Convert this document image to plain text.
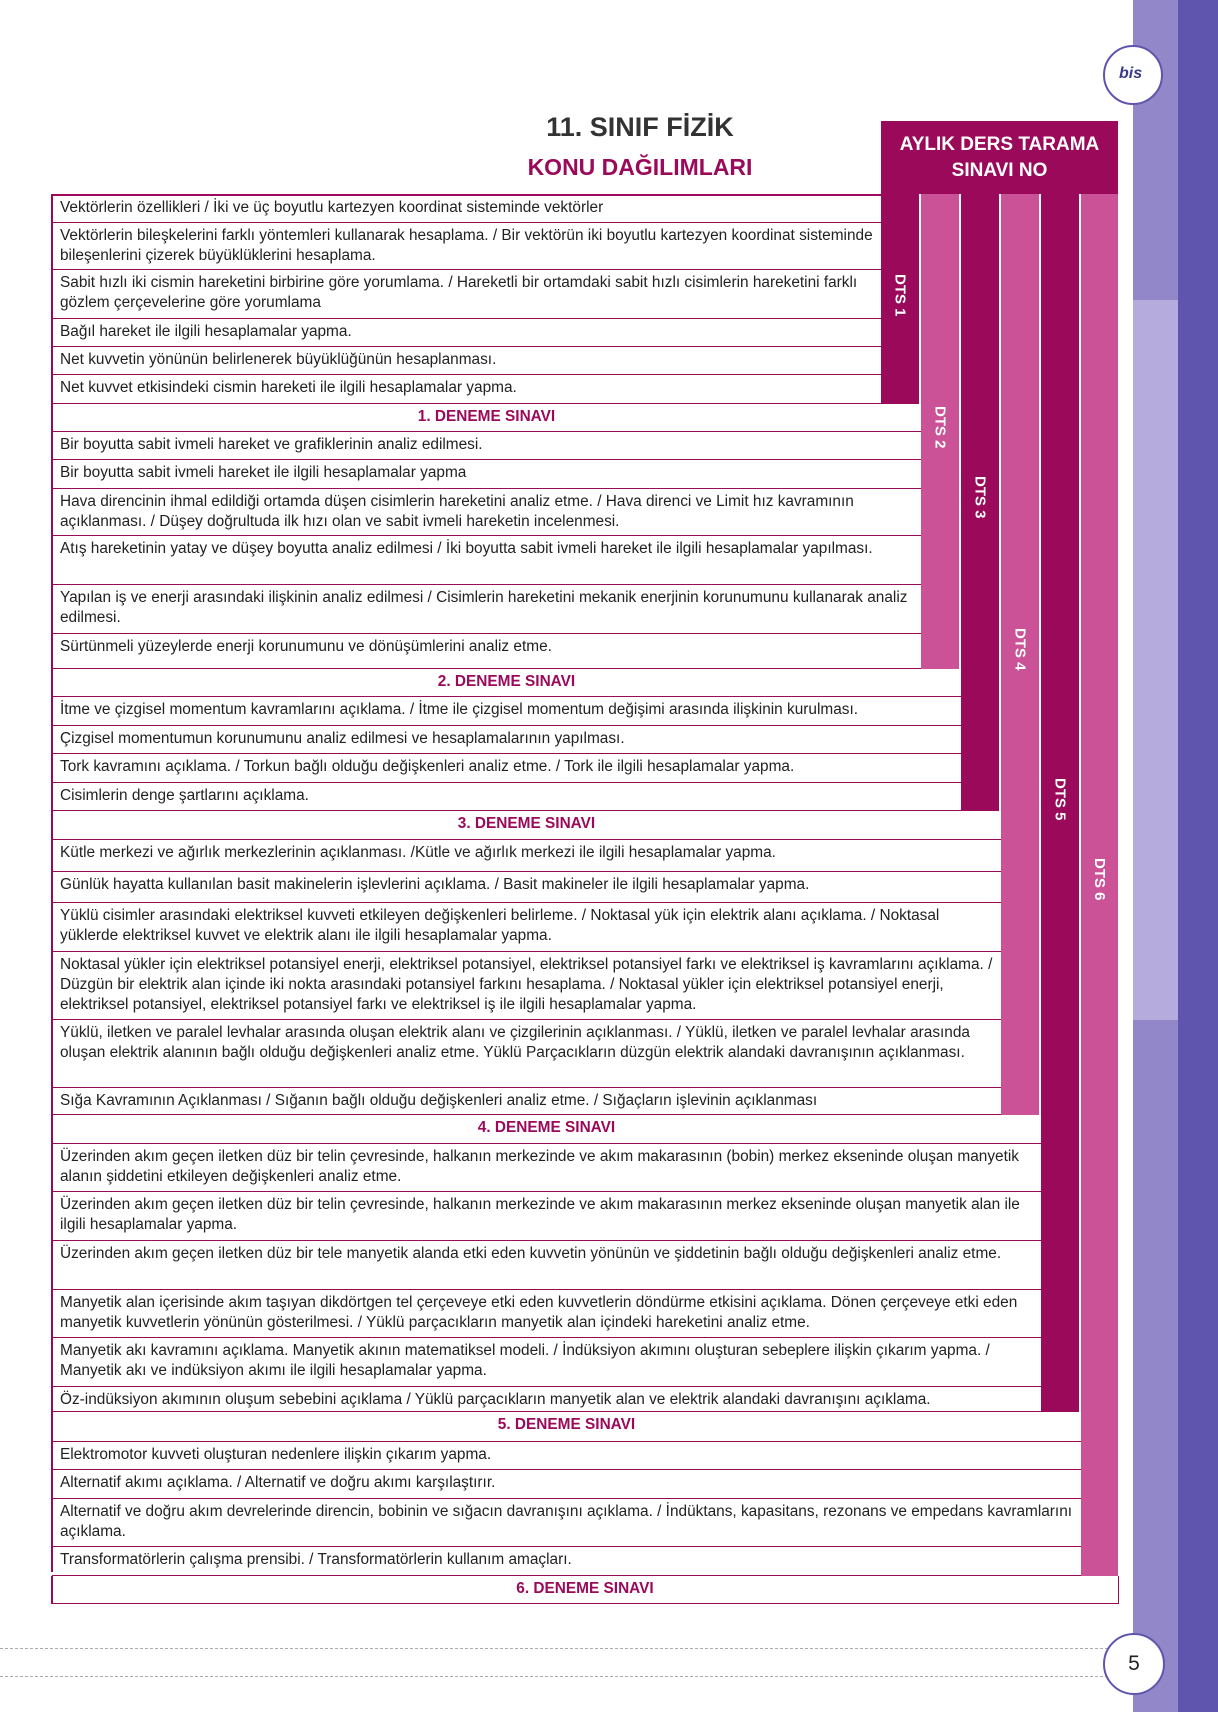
bis
11. SINIF FİZİK
KONU DAĞILIMLARI
AYLIK DERS TARAMA
SINAVI NO
DTS 1
DTS 2
DTS 3
DTS 4
DTS 5
DTS 6
Vektörlerin özellikleri / İki ve üç boyutlu kartezyen koordinat sisteminde vektörler
Vektörlerin bileşkelerini farklı yöntemleri kullanarak hesaplama. / Bir vektörün iki boyutlu kartezyen koordinat sisteminde bileşenlerini çizerek büyüklüklerini hesaplama.
Sabit hızlı iki cismin hareketini birbirine göre yorumlama. / Hareketli bir ortamdaki sabit hızlı cisimlerin hareketini farklı gözlem çerçevelerine göre yorumlama
Bağıl hareket ile ilgili hesaplamalar yapma.
Net kuvvetin yönünün belirlenerek büyüklüğünün hesaplanması.
Net kuvvet etkisindeki cismin hareketi ile ilgili hesaplamalar yapma.
1. DENEME SINAVI
Bir boyutta sabit ivmeli hareket ve grafiklerinin analiz edilmesi.
Bir boyutta sabit ivmeli hareket ile ilgili hesaplamalar yapma
Hava direncinin ihmal edildiği ortamda düşen cisimlerin hareketini analiz etme. / Hava direnci ve Limit hız kavramının açıklanması. / Düşey doğrultuda ilk hızı olan ve sabit ivmeli hareketin incelenmesi.
Atış hareketinin yatay ve düşey boyutta analiz edilmesi / İki boyutta sabit ivmeli hareket ile ilgili hesaplamalar yapılması.
Yapılan iş ve enerji arasındaki ilişkinin analiz edilmesi / Cisimlerin hareketini mekanik enerjinin korunumunu kullanarak analiz edilmesi.
Sürtünmeli yüzeylerde enerji korunumunu ve dönüşümlerini analiz etme.
2. DENEME SINAVI
İtme ve çizgisel momentum kavramlarını açıklama. / İtme ile çizgisel momentum değişimi arasında ilişkinin kurulması.
Çizgisel momentumun korunumunu analiz edilmesi ve hesaplamalarının yapılması.
Tork kavramını açıklama. / Torkun bağlı olduğu değişkenleri analiz etme. / Tork ile ilgili hesaplamalar yapma.
Cisimlerin denge şartlarını açıklama.
3. DENEME SINAVI
Kütle merkezi ve ağırlık merkezlerinin açıklanması. /Kütle ve ağırlık merkezi ile ilgili hesaplamalar yapma.
Günlük hayatta kullanılan basit makinelerin işlevlerini açıklama. / Basit makineler ile ilgili hesaplamalar yapma.
Yüklü cisimler arasındaki elektriksel kuvveti etkileyen değişkenleri belirleme. / Noktasal yük için elektrik alanı açıklama. / Noktasal yüklerde elektriksel kuvvet ve elektrik alanı ile ilgili hesaplamalar yapma.
Noktasal yükler için elektriksel potansiyel enerji, elektriksel potansiyel, elektriksel potansiyel farkı ve elektriksel iş kavramlarını açıklama. / Düzgün bir elektrik alan içinde iki nokta arasındaki potansiyel farkını hesaplama. / Noktasal yükler için elektriksel potansiyel enerji, elektriksel potansiyel, elektriksel potansiyel farkı ve elektriksel iş ile ilgili hesaplamalar yapma.
Yüklü, iletken ve paralel levhalar arasında oluşan elektrik alanı ve çizgilerinin açıklanması. / Yüklü, iletken ve paralel levhalar arasında oluşan elektrik alanının bağlı olduğu değişkenleri analiz etme. Yüklü Parçacıkların düzgün elektrik alandaki davranışının açıklanması.
Sığa Kavramının Açıklanması / Sığanın bağlı olduğu değişkenleri analiz etme. / Sığaçların işlevinin açıklanması
4. DENEME SINAVI
Üzerinden akım geçen iletken düz bir telin çevresinde, halkanın merkezinde ve akım makarasının (bobin) merkez ekseninde oluşan manyetik alanın şiddetini etkileyen değişkenleri analiz etme.
Üzerinden akım geçen iletken düz bir telin çevresinde, halkanın merkezinde ve akım makarasının merkez ekseninde oluşan manyetik alan ile ilgili hesaplamalar yapma.
Üzerinden akım geçen iletken düz bir tele manyetik alanda etki eden kuvvetin yönünün ve şiddetinin bağlı olduğu değişkenleri analiz etme.
Manyetik alan içerisinde akım taşıyan dikdörtgen tel çerçeveye etki eden kuvvetlerin döndürme etkisini açıklama. Dönen çerçeveye etki eden manyetik kuvvetlerin yönünün gösterilmesi. / Yüklü parçacıkların manyetik alan içindeki hareketini analiz etme.
Manyetik akı kavramını açıklama. Manyetik akının matematiksel modeli. / İndüksiyon akımını oluşturan sebeplere ilişkin çıkarım yapma. / Manyetik akı ve indüksiyon akımı ile ilgili hesaplamalar yapma.
Öz-indüksiyon akımının oluşum sebebini açıklama / Yüklü parçacıkların manyetik alan ve elektrik alandaki davranışını açıklama.
5. DENEME SINAVI
Elektromotor kuvveti oluşturan nedenlere ilişkin çıkarım yapma.
Alternatif akımı açıklama. / Alternatif ve doğru akımı karşılaştırır.
Alternatif ve doğru akım devrelerinde direncin, bobinin ve sığacın davranışını açıklama. / İndüktans, kapasitans, rezonans ve empedans kavramlarını açıklama.
Transformatörlerin çalışma prensibi. / Transformatörlerin kullanım amaçları.
6. DENEME SINAVI
5
